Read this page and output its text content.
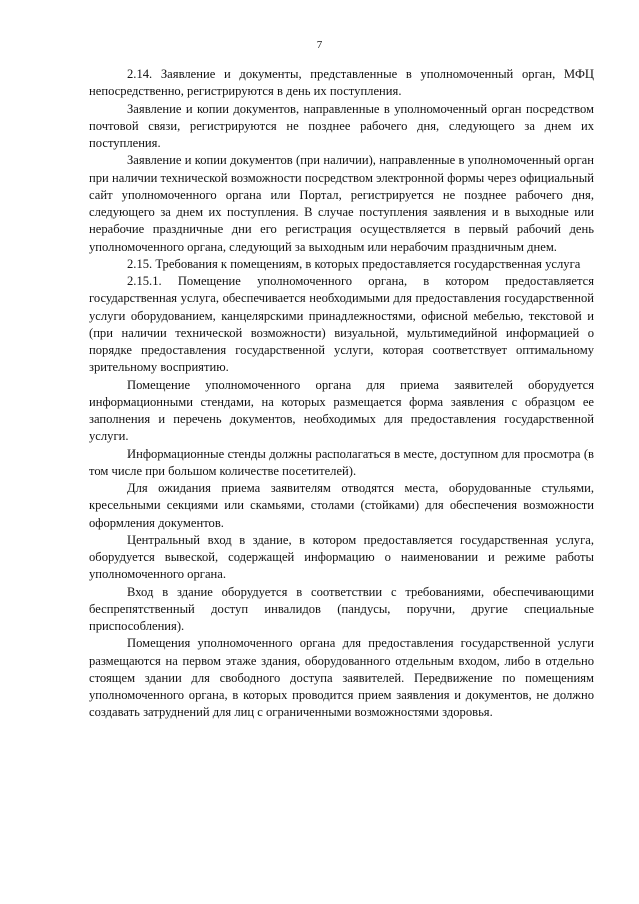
7

2.14. Заявление и документы, представленные в уполномоченный орган, МФЦ непосредственно, регистрируются в день их поступления.

Заявление и копии документов, направленные в уполномоченный орган посредством почтовой связи, регистрируются не позднее рабочего дня, следующего за днем их поступления.

Заявление и копии документов (при наличии), направленные в уполномоченный орган при наличии технической возможности посредством электронной формы через официальный сайт уполномоченного органа или Портал, регистрируется не позднее рабочего дня, следующего за днем их поступления. В случае поступления заявления и в выходные или нерабочие праздничные дни его регистрация осуществляется в первый рабочий день уполномоченного органа, следующий за выходным или нерабочим праздничным днем.

2.15. Требования к помещениям, в которых предоставляется государственная услуга

2.15.1. Помещение уполномоченного органа, в котором предоставляется государственная услуга, обеспечивается необходимыми для предоставления государственной услуги оборудованием, канцелярскими принадлежностями, офисной мебелью, текстовой и (при наличии технической возможности) визуальной, мультимедийной информацией о порядке предоставления государственной услуги, которая соответствует оптимальному зрительному восприятию.

Помещение уполномоченного органа для приема заявителей оборудуется информационными стендами, на которых размещается форма заявления с образцом ее заполнения и перечень документов, необходимых для предоставления государственной услуги.

Информационные стенды должны располагаться в месте, доступном для просмотра (в том числе при большом количестве посетителей).

Для ожидания приема заявителям отводятся места, оборудованные стульями, кресельными секциями или скамьями, столами (стойками) для обеспечения возможности оформления документов.

Центральный вход в здание, в котором предоставляется государственная услуга, оборудуется вывеской, содержащей информацию о наименовании и режиме работы уполномоченного органа.

Вход в здание оборудуется в соответствии с требованиями, обеспечивающими беспрепятственный доступ инвалидов (пандусы, поручни, другие специальные приспособления).

Помещения уполномоченного органа для предоставления государственной услуги размещаются на первом этаже здания, оборудованного отдельным входом, либо в отдельно стоящем здании для свободного доступа заявителей. Передвижение по помещениям уполномоченного органа, в которых проводится прием заявления и документов, не должно создавать затруднений для лиц с ограниченными возможностями здоровья.
